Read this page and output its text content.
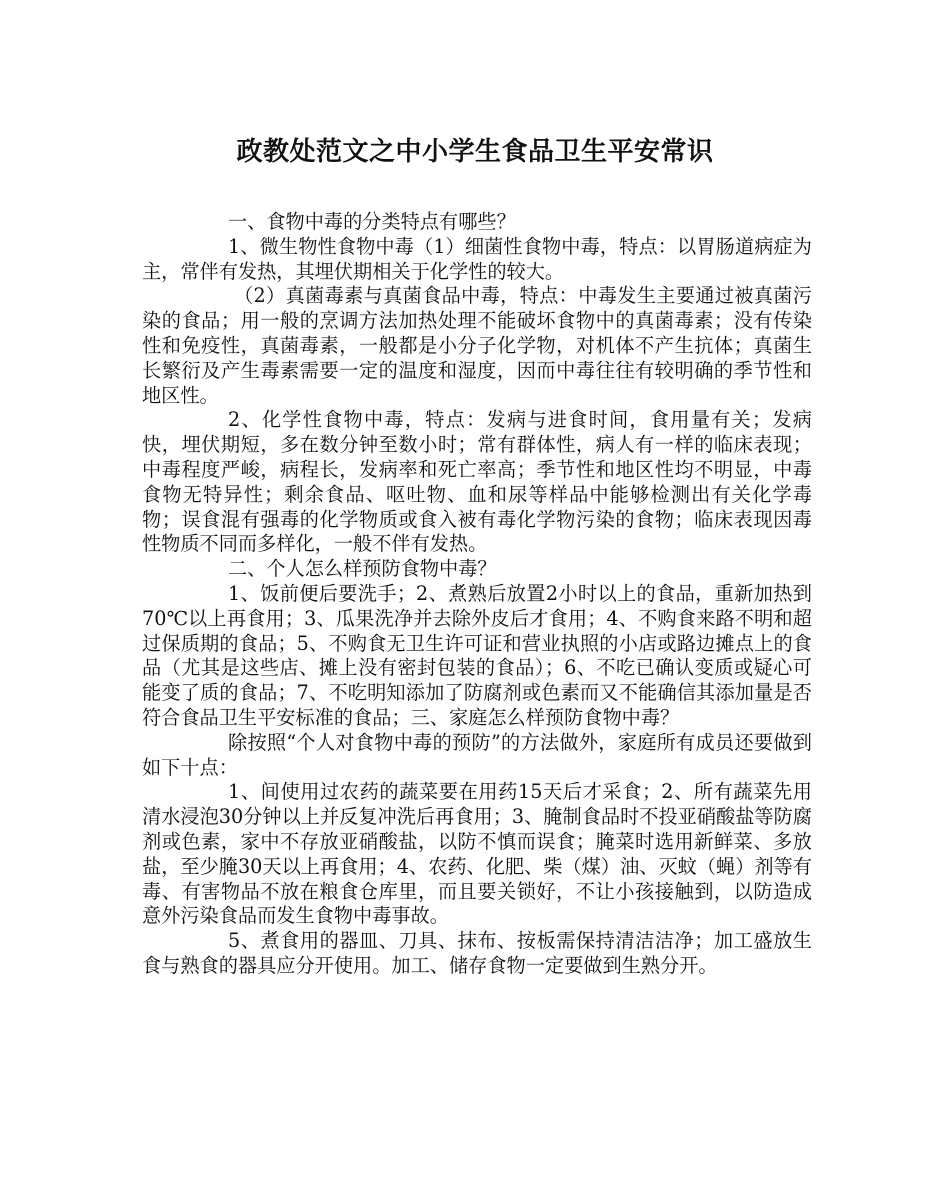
政教处范文之中小学生食品卫生平安常识

一、食物中毒的分类特点有哪些？

1、微生物性食物中毒（1）细菌性食物中毒，特点：以胃肠道病症为主，常伴有发热，其埋伏期相关于化学性的较大。

（2）真菌毒素与真菌食品中毒，特点：中毒发生主要通过被真菌污染的食品；用一般的烹调方法加热处理不能破坏食物中的真菌毒素；没有传染性和免疫性，真菌毒素，一般都是小分子化学物，对机体不产生抗体；真菌生长繁衍及产生毒素需要一定的温度和湿度，因而中毒往往有较明确的季节性和地区性。

2、化学性食物中毒，特点：发病与进食时间，食用量有关；发病快，埋伏期短，多在数分钟至数小时；常有群体性，病人有一样的临床表现；中毒程度严峻，病程长，发病率和死亡率高；季节性和地区性均不明显，中毒食物无特异性；剩余食品、呕吐物、血和尿等样品中能够检测出有关化学毒物；误食混有强毒的化学物质或食入被有毒化学物污染的食物；临床表现因毒性物质不同而多样化，一般不伴有发热。

二、个人怎么样预防食物中毒？

1、饭前便后要洗手；2、煮熟后放置2小时以上的食品，重新加热到70℃以上再食用；3、瓜果洗净并去除外皮后才食用；4、不购食来路不明和超过保质期的食品；5、不购食无卫生许可证和营业执照的小店或路边摊点上的食品（尤其是这些店、摊上没有密封包装的食品）；6、不吃已确认变质或疑心可能变了质的食品；7、不吃明知添加了防腐剂或色素而又不能确信其添加量是否符合食品卫生平安标准的食品；三、家庭怎么样预防食物中毒？

除按照“个人对食物中毒的预防”的方法做外，家庭所有成员还要做到如下十点：

1、间使用过农药的蔬菜要在用药15天后才采食；2、所有蔬菜先用清水浸泡30分钟以上并反复冲洗后再食用；3、腌制食品时不投亚硝酸盐等防腐剂或色素，家中不存放亚硝酸盐，以防不慎而误食；腌菜时选用新鲜菜、多放盐，至少腌30天以上再食用；4、农药、化肥、柴（煤）油、灭蚊（蝇）剂等有毒、有害物品不放在粮食仓库里，而且要关锁好，不让小孩接触到，以防造成意外污染食品而发生食物中毒事故。

5、煮食用的器皿、刀具、抹布、按板需保持清洁洁净；加工盛放生食与熟食的器具应分开使用。加工、储存食物一定要做到生熟分开。
